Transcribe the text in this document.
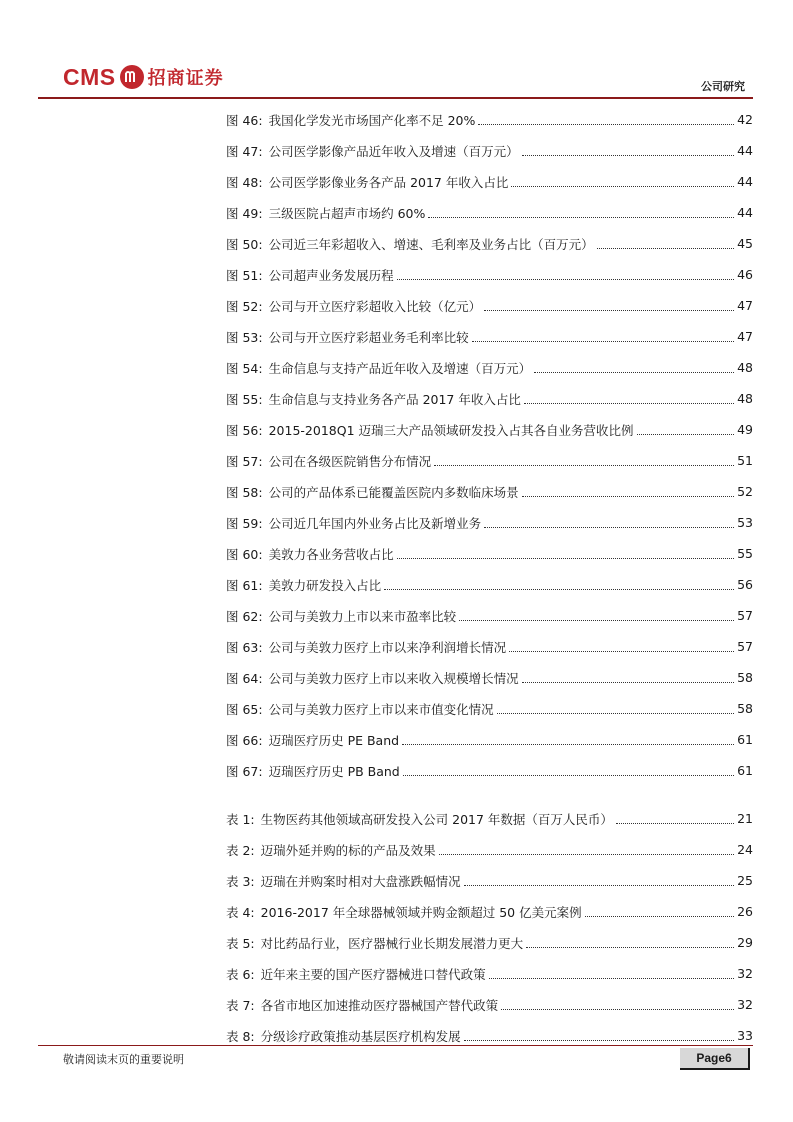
CMS 招商证券	公司研究
图 46: 我国化学发光市场国产化率不足 20%	42
图 47: 公司医学影像产品近年收入及增速（百万元）	44
图 48: 公司医学影像业务各产品 2017 年收入占比	44
图 49: 三级医院占超声市场约 60%	44
图 50: 公司近三年彩超收入、增速、毛利率及业务占比（百万元）	45
图 51: 公司超声业务发展历程	46
图 52: 公司与开立医疗彩超收入比较（亿元）	47
图 53: 公司与开立医疗彩超业务毛利率比较	47
图 54: 生命信息与支持产品近年收入及增速（百万元）	48
图 55: 生命信息与支持业务各产品 2017 年收入占比	48
图 56: 2015-2018Q1 迈瑞三大产品领域研发投入占其各自业务营收比例	49
图 57: 公司在各级医院销售分布情况	51
图 58: 公司的产品体系已能覆盖医院内多数临床场景	52
图 59: 公司近几年国内外业务占比及新增业务	53
图 60: 美敦力各业务营收占比	55
图 61: 美敦力研发投入占比	56
图 62: 公司与美敦力上市以来市盈率比较	57
图 63: 公司与美敦力医疗上市以来净利润增长情况	57
图 64: 公司与美敦力医疗上市以来收入规模增长情况	58
图 65: 公司与美敦力医疗上市以来市值变化情况	58
图 66: 迈瑞医疗历史 PE Band	61
图 67: 迈瑞医疗历史 PB Band	61
表 1: 生物医药其他领域高研发投入公司 2017 年数据（百万人民币）	21
表 2: 迈瑞外延并购的标的产品及效果	24
表 3: 迈瑞在并购案时相对大盘涨跌幅情况	25
表 4: 2016-2017 年全球器械领域并购金额超过 50 亿美元案例	26
表 5: 对比药品行业，医疗器械行业长期发展潜力更大	29
表 6: 近年来主要的国产医疗器械进口替代政策	32
表 7: 各省市地区加速推动医疗器械国产替代政策	32
表 8: 分级诊疗政策推动基层医疗机构发展	33
敬请阅读末页的重要说明	Page6
